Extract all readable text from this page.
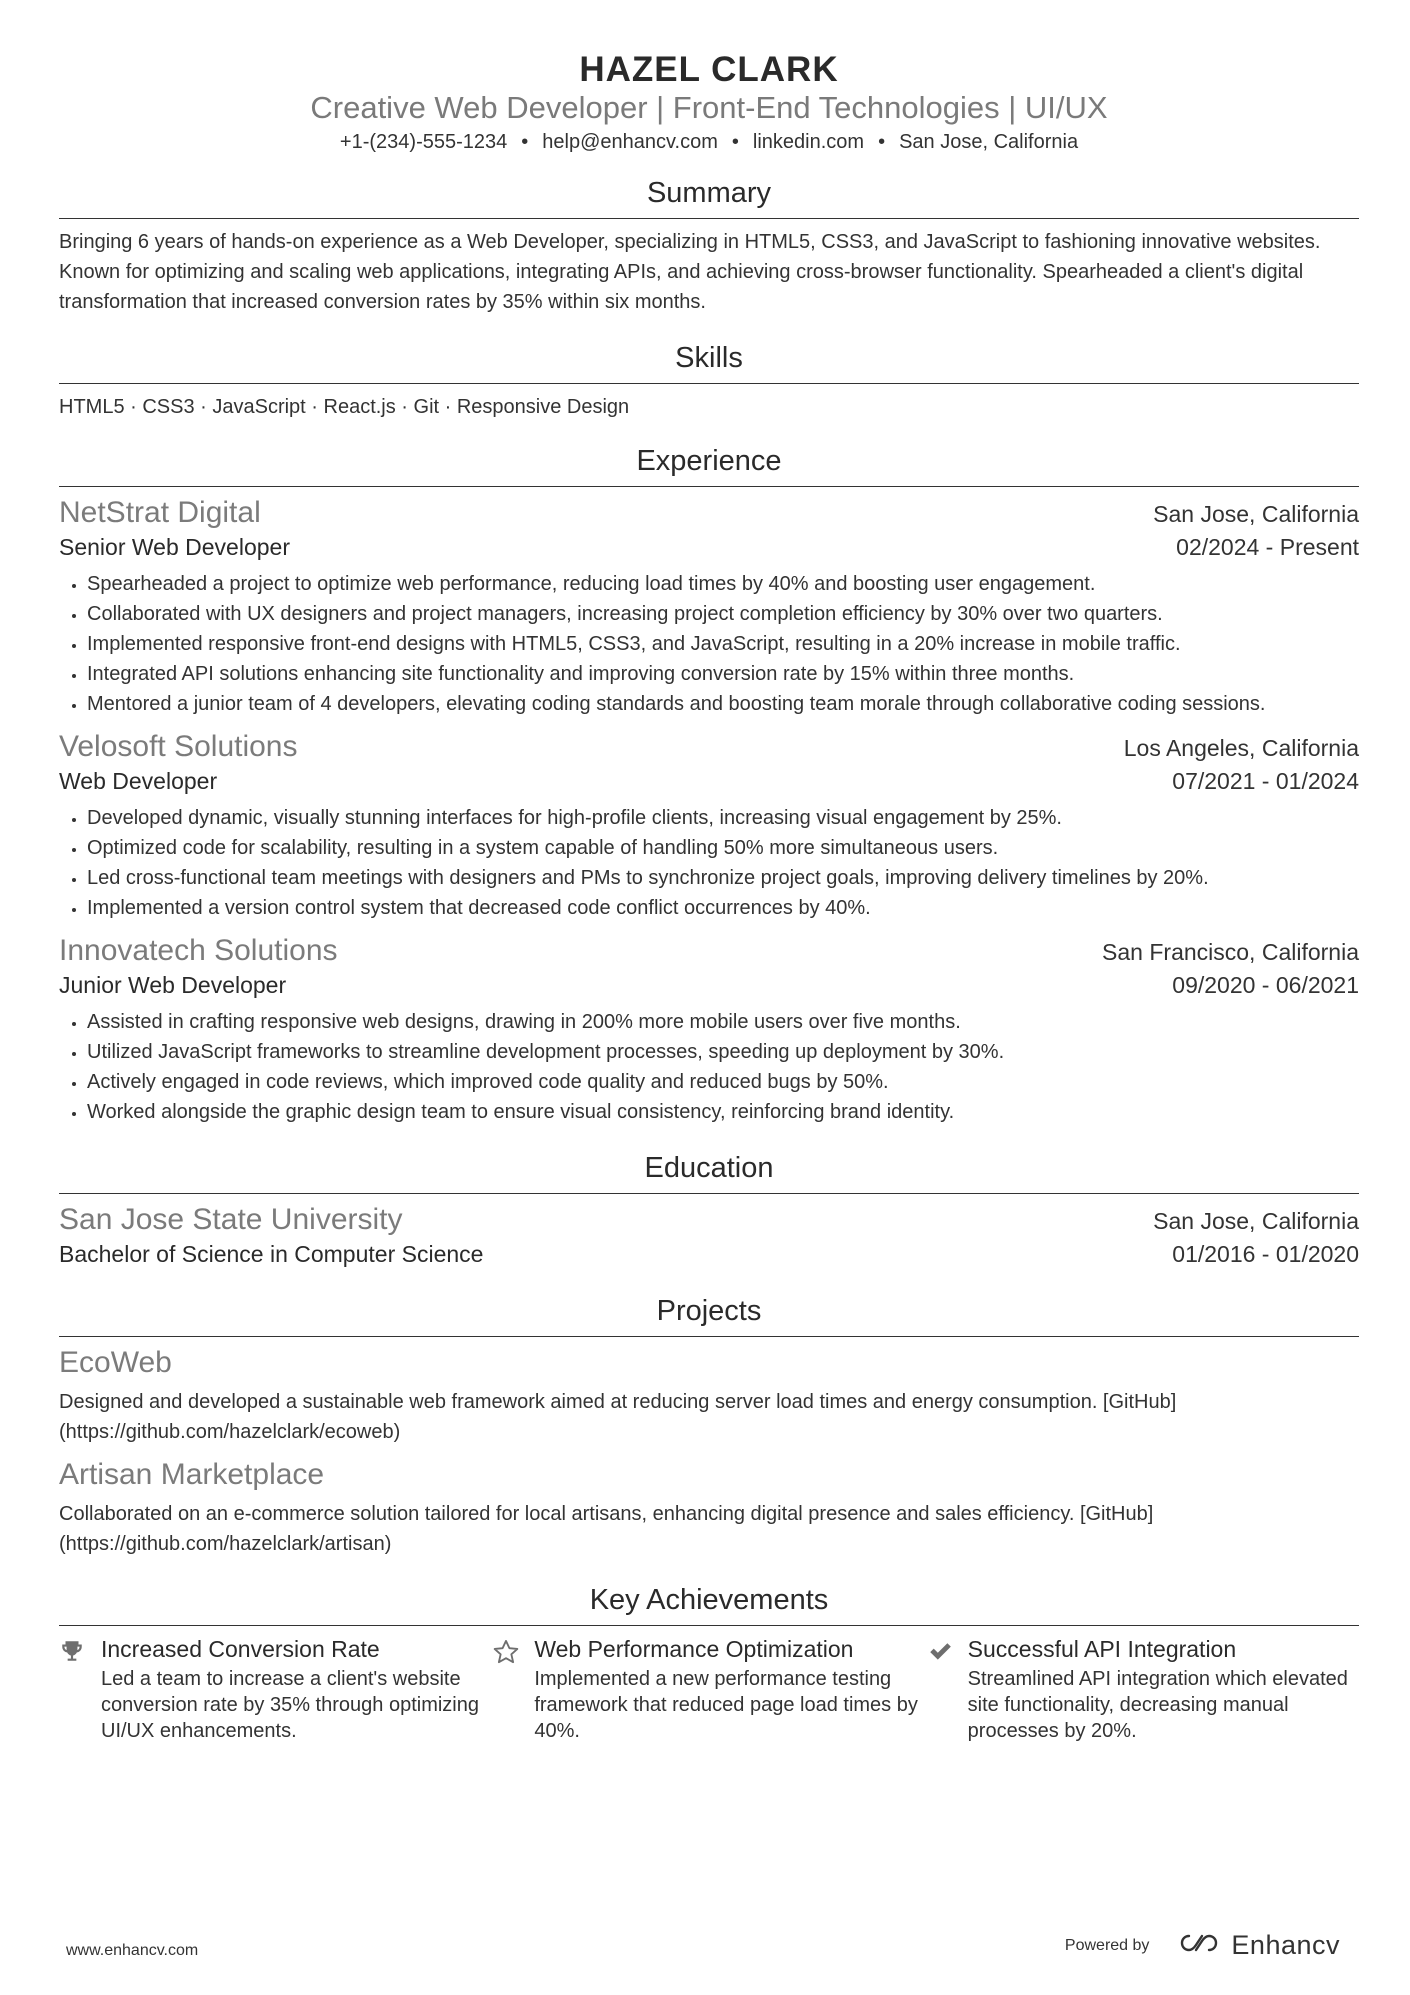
HAZEL CLARK
Creative Web Developer | Front-End Technologies | UI/UX
+1-(234)-555-1234 • help@enhancv.com • linkedin.com • San Jose, California
Summary
Bringing 6 years of hands-on experience as a Web Developer, specializing in HTML5, CSS3, and JavaScript to fashioning innovative websites. Known for optimizing and scaling web applications, integrating APIs, and achieving cross-browser functionality. Spearheaded a client's digital transformation that increased conversion rates by 35% within six months.
Skills
HTML5 · CSS3 · JavaScript · React.js · Git · Responsive Design
Experience
NetStrat Digital	San Jose, California
Senior Web Developer	02/2024 - Present
• Spearheaded a project to optimize web performance, reducing load times by 40% and boosting user engagement.
• Collaborated with UX designers and project managers, increasing project completion efficiency by 30% over two quarters.
• Implemented responsive front-end designs with HTML5, CSS3, and JavaScript, resulting in a 20% increase in mobile traffic.
• Integrated API solutions enhancing site functionality and improving conversion rate by 15% within three months.
• Mentored a junior team of 4 developers, elevating coding standards and boosting team morale through collaborative coding sessions.
Velosoft Solutions	Los Angeles, California
Web Developer	07/2021 - 01/2024
• Developed dynamic, visually stunning interfaces for high-profile clients, increasing visual engagement by 25%.
• Optimized code for scalability, resulting in a system capable of handling 50% more simultaneous users.
• Led cross-functional team meetings with designers and PMs to synchronize project goals, improving delivery timelines by 20%.
• Implemented a version control system that decreased code conflict occurrences by 40%.
Innovatech Solutions	San Francisco, California
Junior Web Developer	09/2020 - 06/2021
• Assisted in crafting responsive web designs, drawing in 200% more mobile users over five months.
• Utilized JavaScript frameworks to streamline development processes, speeding up deployment by 30%.
• Actively engaged in code reviews, which improved code quality and reduced bugs by 50%.
• Worked alongside the graphic design team to ensure visual consistency, reinforcing brand identity.
Education
San Jose State University	San Jose, California
Bachelor of Science in Computer Science	01/2016 - 01/2020
Projects
EcoWeb
Designed and developed a sustainable web framework aimed at reducing server load times and energy consumption. [GitHub](https://github.com/hazelclark/ecoweb)
Artisan Marketplace
Collaborated on an e-commerce solution tailored for local artisans, enhancing digital presence and sales efficiency. [GitHub](https://github.com/hazelclark/artisan)
Key Achievements
Increased Conversion Rate
Led a team to increase a client's website conversion rate by 35% through optimizing UI/UX enhancements.
Web Performance Optimization
Implemented a new performance testing framework that reduced page load times by 40%.
Successful API Integration
Streamlined API integration which elevated site functionality, decreasing manual processes by 20%.
www.enhancv.com	Powered by	Enhancv
